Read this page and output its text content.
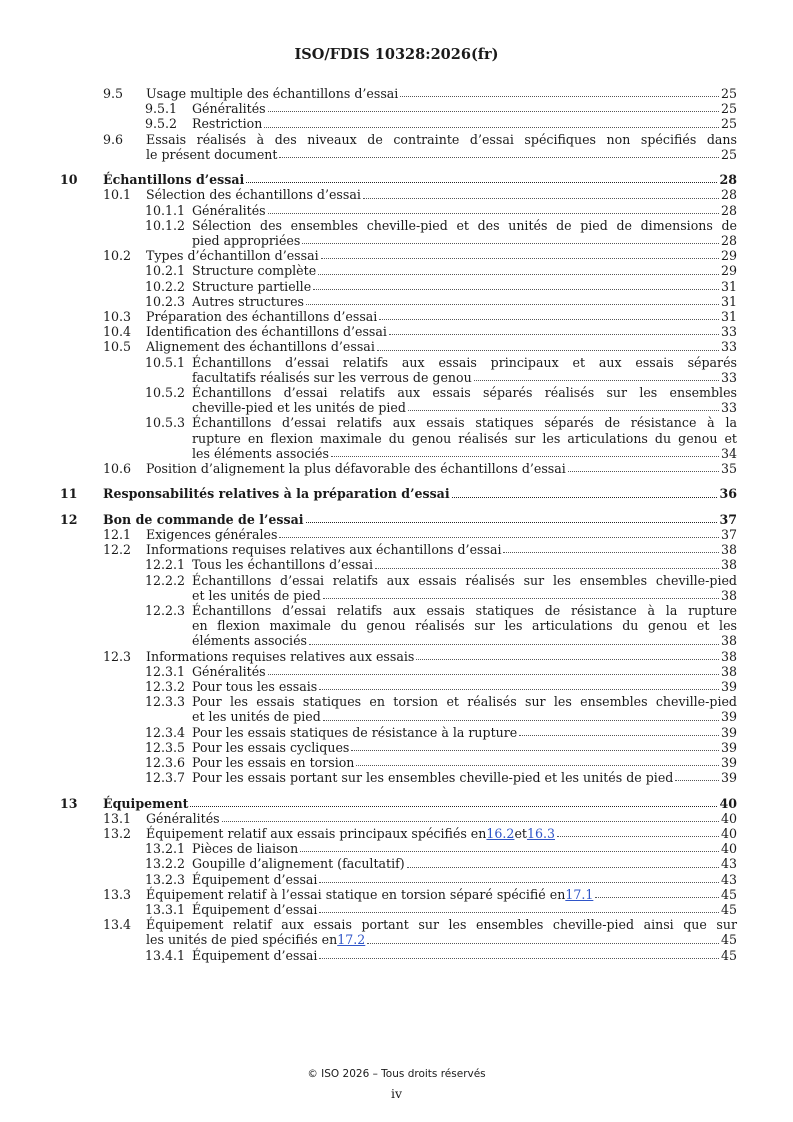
ISO/FDIS 10328:2026(fr)
9.5 Usage multiple des échantillons d’essai	25
9.5.1 Généralités	25
9.5.2 Restriction	25
9.6 Essais réalisés à des niveaux de contrainte d’essai spécifiques non spécifiés dans
le présent document	25
10 Échantillons d’essai	28
10.1 Sélection des échantillons d’essai	28
10.1.1 Généralités	28
10.1.2 Sélection des ensembles cheville-pied et des unités de pied de dimensions de
pied appropriées	28
10.2 Types d’échantillon d’essai	29
10.2.1 Structure complète	29
10.2.2 Structure partielle	31
10.2.3 Autres structures	31
10.3 Préparation des échantillons d’essai	31
10.4 Identification des échantillons d’essai	33
10.5 Alignement des échantillons d’essai	33
10.5.1 Échantillons d’essai relatifs aux essais principaux et aux essais séparés
facultatifs réalisés sur les verrous de genou	33
10.5.2 Échantillons d’essai relatifs aux essais séparés réalisés sur les ensembles
cheville-pied et les unités de pied	33
10.5.3 Échantillons d’essai relatifs aux essais statiques séparés de résistance à la
rupture en flexion maximale du genou réalisés sur les articulations du genou et
les éléments associés	34
10.6 Position d’alignement la plus défavorable des échantillons d’essai	35
11 Responsabilités relatives à la préparation d’essai	36
12 Bon de commande de l’essai	37
12.1 Exigences générales	37
12.2 Informations requises relatives aux échantillons d’essai	38
12.2.1 Tous les échantillons d’essai	38
12.2.2 Échantillons d’essai relatifs aux essais réalisés sur les ensembles cheville-pied
et les unités de pied	38
12.2.3 Échantillons d’essai relatifs aux essais statiques de résistance à la rupture
en flexion maximale du genou réalisés sur les articulations du genou et les
éléments associés	38
12.3 Informations requises relatives aux essais	38
12.3.1 Généralités	38
12.3.2 Pour tous les essais	39
12.3.3 Pour les essais statiques en torsion et réalisés sur les ensembles cheville-pied
et les unités de pied	39
12.3.4 Pour les essais statiques de résistance à la rupture	39
12.3.5 Pour les essais cycliques	39
12.3.6 Pour les essais en torsion	39
12.3.7 Pour les essais portant sur les ensembles cheville-pied et les unités de pied	39
13 Équipement	40
13.1 Généralités	40
13.2 Équipement relatif aux essais principaux spécifiés en 16.2 et 16.3	40
13.2.1 Pièces de liaison	40
13.2.2 Goupille d’alignement (facultatif)	43
13.2.3 Équipement d’essai	43
13.3 Équipement relatif à l’essai statique en torsion séparé spécifié en 17.1	45
13.3.1 Équipement d’essai	45
13.4 Équipement relatif aux essais portant sur les ensembles cheville-pied ainsi que sur
les unités de pied spécifiés en 17.2	45
13.4.1 Équipement d’essai	45
© ISO 2026 – Tous droits réservés
iv
